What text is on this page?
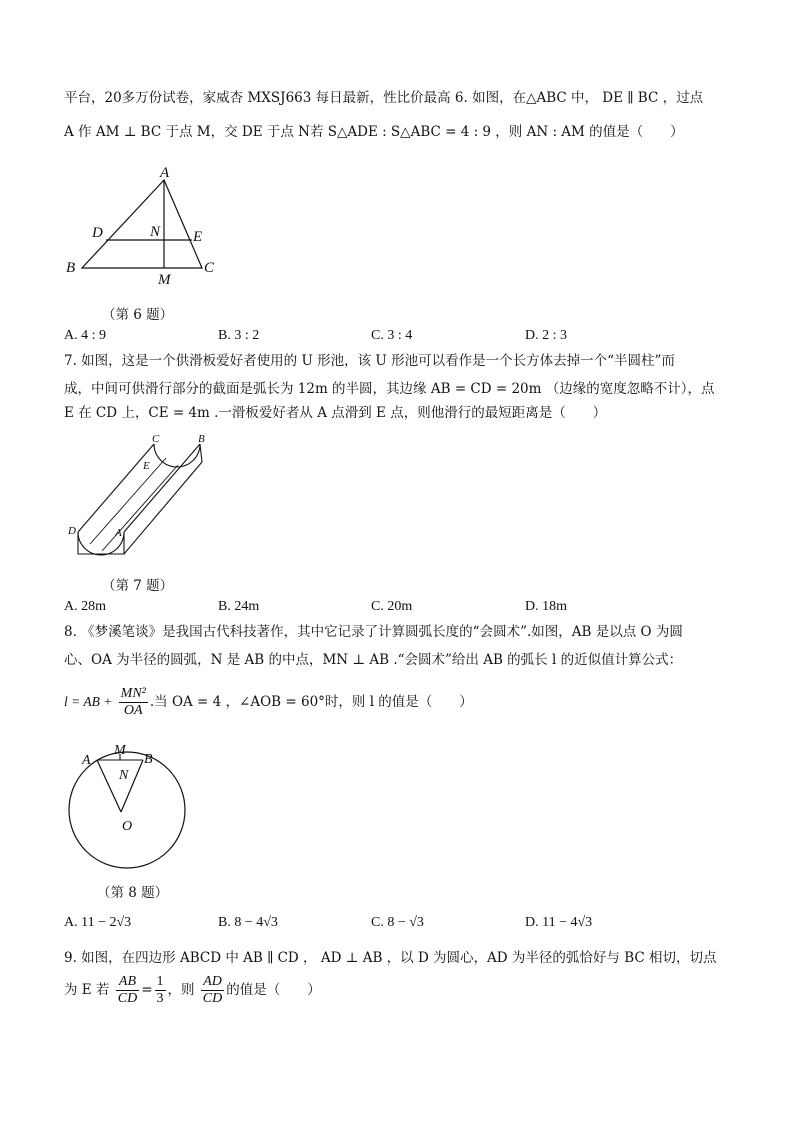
平台，20多万份试卷，家威杏 MXSJ663 每日最新，性比价最高 6. 如图，在△ABC 中， DE ∥ BC ，过点
A 作 AM ⊥ BC 于点 M，交 DE 于点 N若 S△ADE : S△ABC = 4 : 9 ，则 AN : AM 的值是（　　）
A
B	C
D	E
N
M
（第 6 题）
A. 4 : 9	B. 3 : 2	C. 3 : 4	D. 2 : 3
7. 如图，这是一个供滑板爱好者使用的 U 形池，该 U 形池可以看作是一个长方体去掉一个“半圆柱”而
成，中间可供滑行部分的截面是弧长为 12m 的半圆，其边缘 AB = CD = 20m （边缘的宽度忽略不计），点
E 在 CD 上，CE = 4m .一滑板爱好者从 A 点滑到 E 点，则他滑行的最短距离是（　　）
C	B
E
D	A
（第 7 题）
A. 28m	B. 24m	C. 20m	D. 18m
8. 《梦溪笔谈》是我国古代科技著作，其中它记录了计算圆弧长度的“会圆术”.如图，AB 是以点 O 为圆
心、OA 为半径的圆弧，N 是 AB 的中点，MN ⊥ AB .“会圆术”给出 AB 的弧长 l 的近似值计算公式：
l = AB + $\frac{\text{MN²}}{OA}$ .当 OA = 4 ，∠AOB = 60°时，则 l 的值是（　　）
A
M
B
N
O
（第 8 题）
A. 11 − 2√3	B. 8 − 4√3	C. 8 − √3	D. 11 − 4√3
9. 如图，在四边形 ABCD 中 AB ∥ CD ， AD ⊥ AB ，以 D 为圆心，AD 为半径的弧恰好与 BC 相切，切点
为 E 若 $\frac{AB}{CD} = \frac{1}{3}$ ，则 $\frac{AD}{CD}$ 的值是（　　）
